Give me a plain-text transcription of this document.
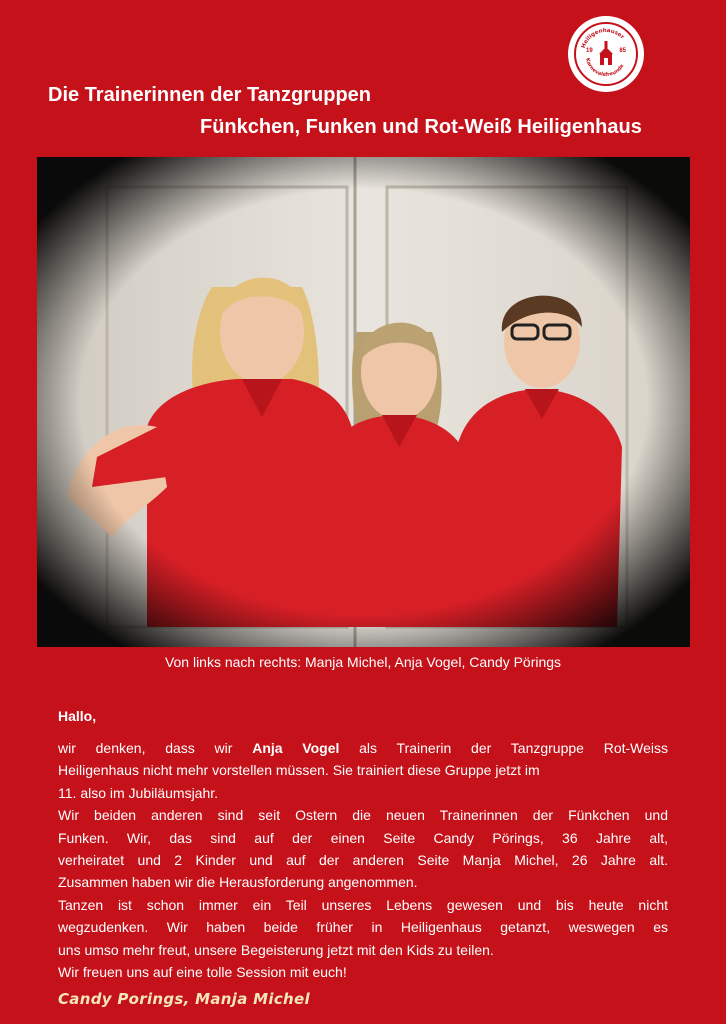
Heiligenhauser
Karnevalsfreunde
19	85
Die Trainerinnen der Tanzgruppen
Fünkchen, Funken und Rot-Weiß Heiligenhaus
Von links nach rechts: Manja Michel, Anja Vogel, Candy Pörings
Hallo,

wir denken, dass wir Anja Vogel als Trainerin der Tanzgruppe Rot-Weiss

Heiligenhaus nicht mehr vorstellen müssen. Sie trainiert diese Gruppe jetzt im

11. also im Jubiläumsjahr.

Wir beiden anderen sind seit Ostern die neuen Trainerinnen der Fünkchen und

Funken. Wir, das sind auf der einen Seite Candy Pörings, 36 Jahre alt,

verheiratet und 2 Kinder und auf der anderen Seite Manja Michel, 26 Jahre alt.

Zusammen haben wir die Herausforderung angenommen.

Tanzen ist schon immer ein Teil unseres Lebens gewesen und bis heute nicht

wegzudenken. Wir haben beide früher in Heiligenhaus getanzt, weswegen es

uns umso mehr freut, unsere Begeisterung jetzt mit den Kids zu teilen.

Wir freuen uns auf eine tolle Session mit euch!

Candy Porings, Manja Michel
